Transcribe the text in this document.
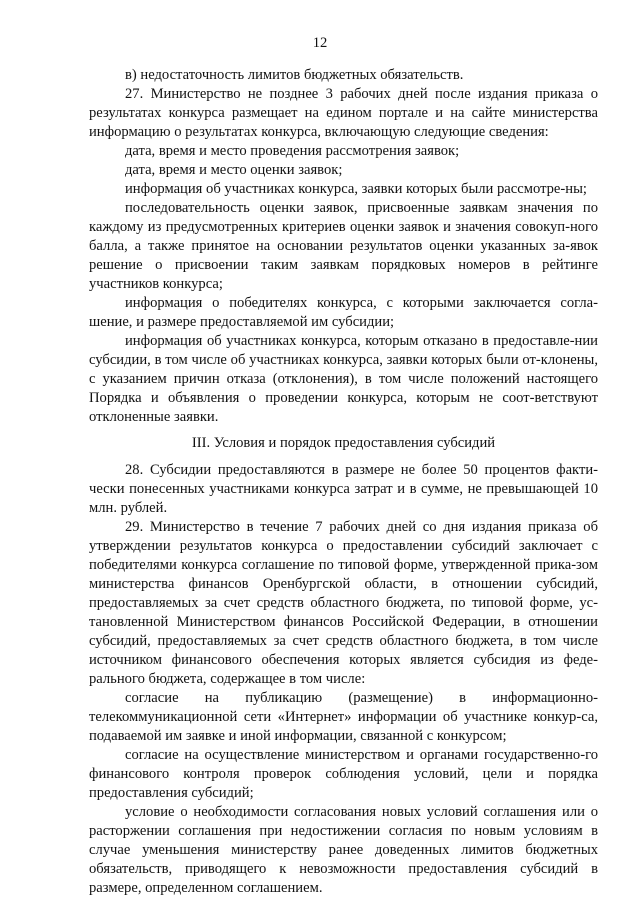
12

в) недостаточность лимитов бюджетных обязательств.

27. Министерство не позднее 3 рабочих дней после издания приказа о результатах конкурса размещает на едином портале и на сайте министерства информацию о результатах конкурса, включающую следующие сведения:

дата, время и место проведения рассмотрения заявок;

дата, время и место оценки заявок;

информация об участниках конкурса, заявки которых были рассмотре-ны;

последовательность оценки заявок, присвоенные заявкам значения по каждому из предусмотренных критериев оценки заявок и значения совокуп-ного балла, а также принятое на основании результатов оценки указанных за-явок решение о присвоении таким заявкам порядковых номеров в рейтинге участников конкурса;

информация о победителях конкурса, с которыми заключается согла-шение, и размере предоставляемой им субсидии;

информация об участниках конкурса, которым отказано в предоставле-нии субсидии, в том числе об участниках конкурса, заявки которых были от-клонены, с указанием причин отказа (отклонения), в том числе положений настоящего Порядка и объявления о проведении конкурса, которым не соот-ветствуют отклоненные заявки.

III. Условия и порядок предоставления субсидий

28. Субсидии предоставляются в размере не более 50 процентов факти-чески понесенных участниками конкурса затрат и в сумме, не превышающей 10 млн. рублей.

29. Министерство в течение 7 рабочих дней со дня издания приказа об утверждении результатов конкурса о предоставлении субсидий заключает с победителями конкурса соглашение по типовой форме, утвержденной прика-зом министерства финансов Оренбургской области, в отношении субсидий, предоставляемых за счет средств областного бюджета, по типовой форме, ус-тановленной Министерством финансов Российской Федерации, в отношении субсидий, предоставляемых за счет средств областного бюджета, в том числе источником финансового обеспечения которых является субсидия из феде-рального бюджета, содержащее в том числе:

согласие на публикацию (размещение) в информационно-телекоммуникационной сети «Интернет» информации об участнике конкур-са, подаваемой им заявке и иной информации, связанной с конкурсом;

согласие на осуществление министерством и органами государственно-го финансового контроля проверок соблюдения условий, цели и порядка предоставления субсидий;

условие о необходимости согласования новых условий соглашения или о расторжении соглашения при недостижении согласия по новым условиям в случае уменьшения министерству ранее доведенных лимитов бюджетных обязательств, приводящего к невозможности предоставления субсидий в размере, определенном соглашением.
